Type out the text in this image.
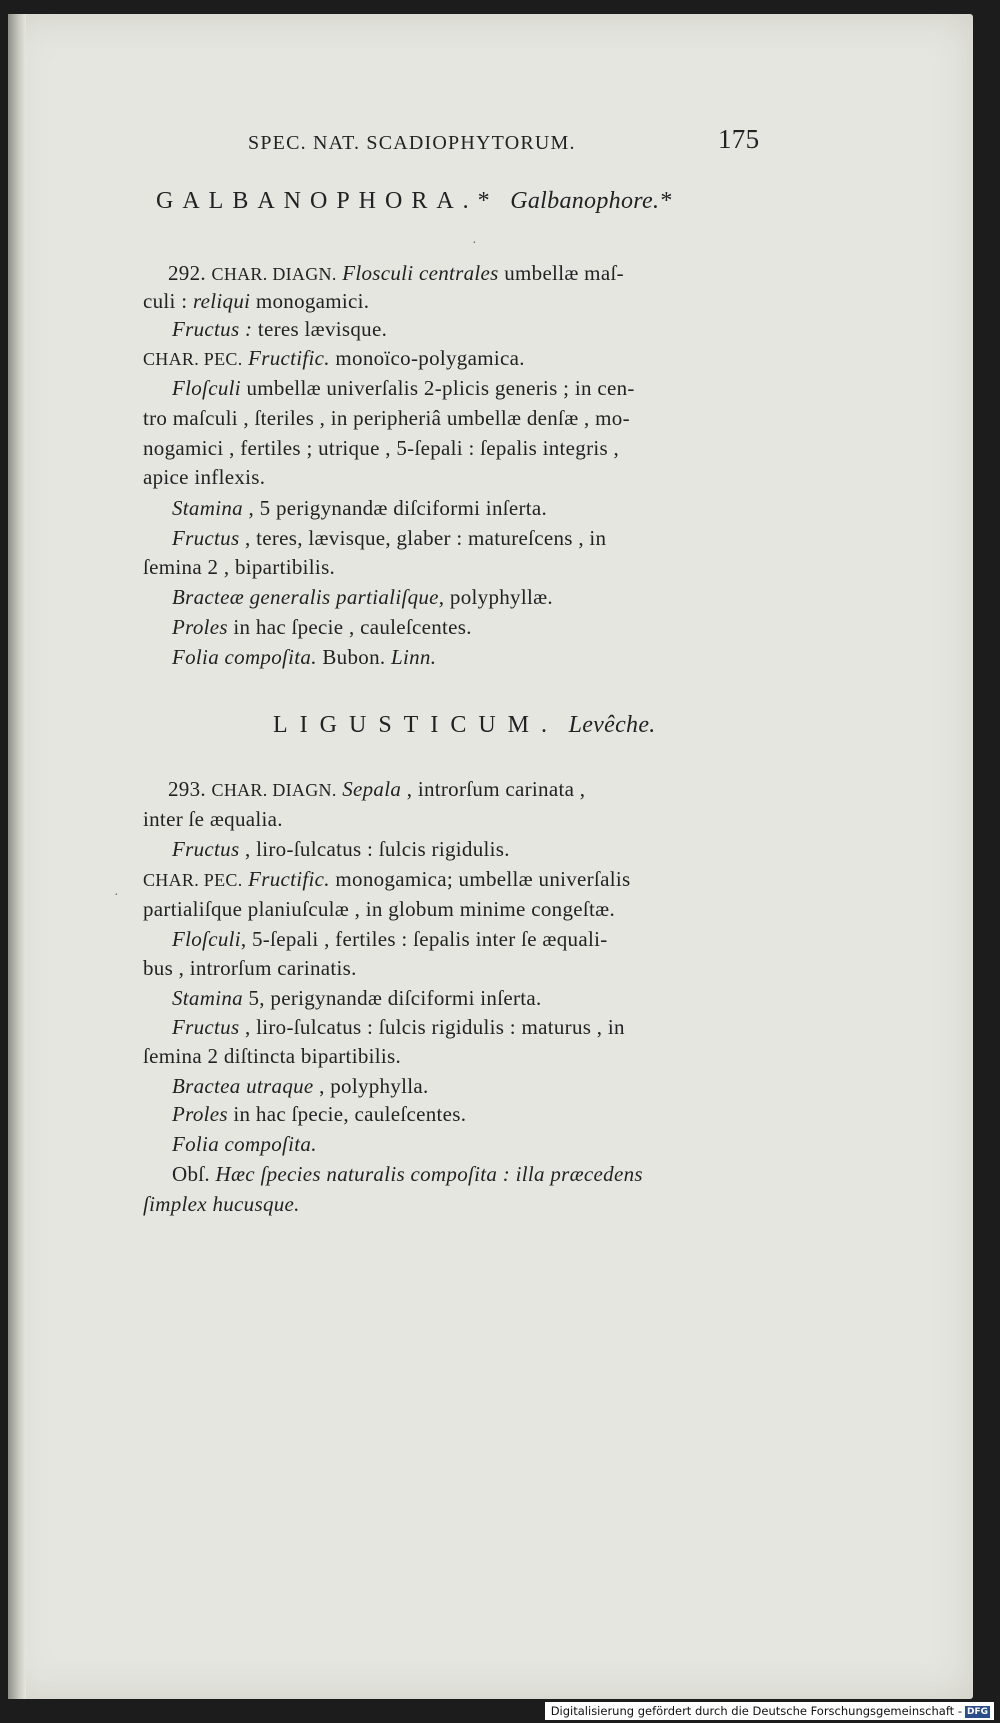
SPEC. NAT. SCADIOPHYTORUM.	175
GALBANOPHORA.* Galbanophore.*
292. CHAR. DIAGN. Flosculi centrales umbellæ maſ-
culi : reliqui monogamici.
Fructus : teres lævisque.
CHAR. PEC. Fructific. monoïco-polygamica.
Floſculi umbellæ univerſalis 2-plicis generis ; in cen-
tro maſculi , ſteriles , in peripheriâ umbellæ denſæ , mo-
nogamici , fertiles ; utrique , 5-ſepali : ſepalis integris ,
apice inflexis.
Stamina , 5 perigynandæ diſciformi inſerta.
Fructus , teres, lævisque, glaber : matureſcens , in
ſemina 2 , bipartibilis.
Bracteæ generalis partialiſque, polyphyllæ.
Proles in hac ſpecie , cauleſcentes.
Folia compoſita. Bubon. Linn.
LIGUSTICUM. Levêche.
293. CHAR. DIAGN. Sepala , introrſum carinata ,
inter ſe æqualia.
Fructus , liro-ſulcatus : ſulcis rigidulis.
CHAR. PEC. Fructific. monogamica; umbellæ univerſalis
partialiſque planiuſculæ , in globum minime congeſtæ.
Floſculi, 5-ſepali , fertiles : ſepalis inter ſe æquali-
bus , introrſum carinatis.
Stamina 5, perigynandæ diſciformi inſerta.
Fructus , liro-ſulcatus : ſulcis rigidulis : maturus , in
ſemina 2 diſtincta bipartibilis.
Bractea utraque , polyphylla.
Proles in hac ſpecie, cauleſcentes.
Folia compoſita.
Obſ. Hæc ſpecies naturalis compoſita : illa præcedens
ſimplex hucusque.
·
·
Digitalisierung gefördert durch die Deutsche Forschungsgemeinschaft - DFG
